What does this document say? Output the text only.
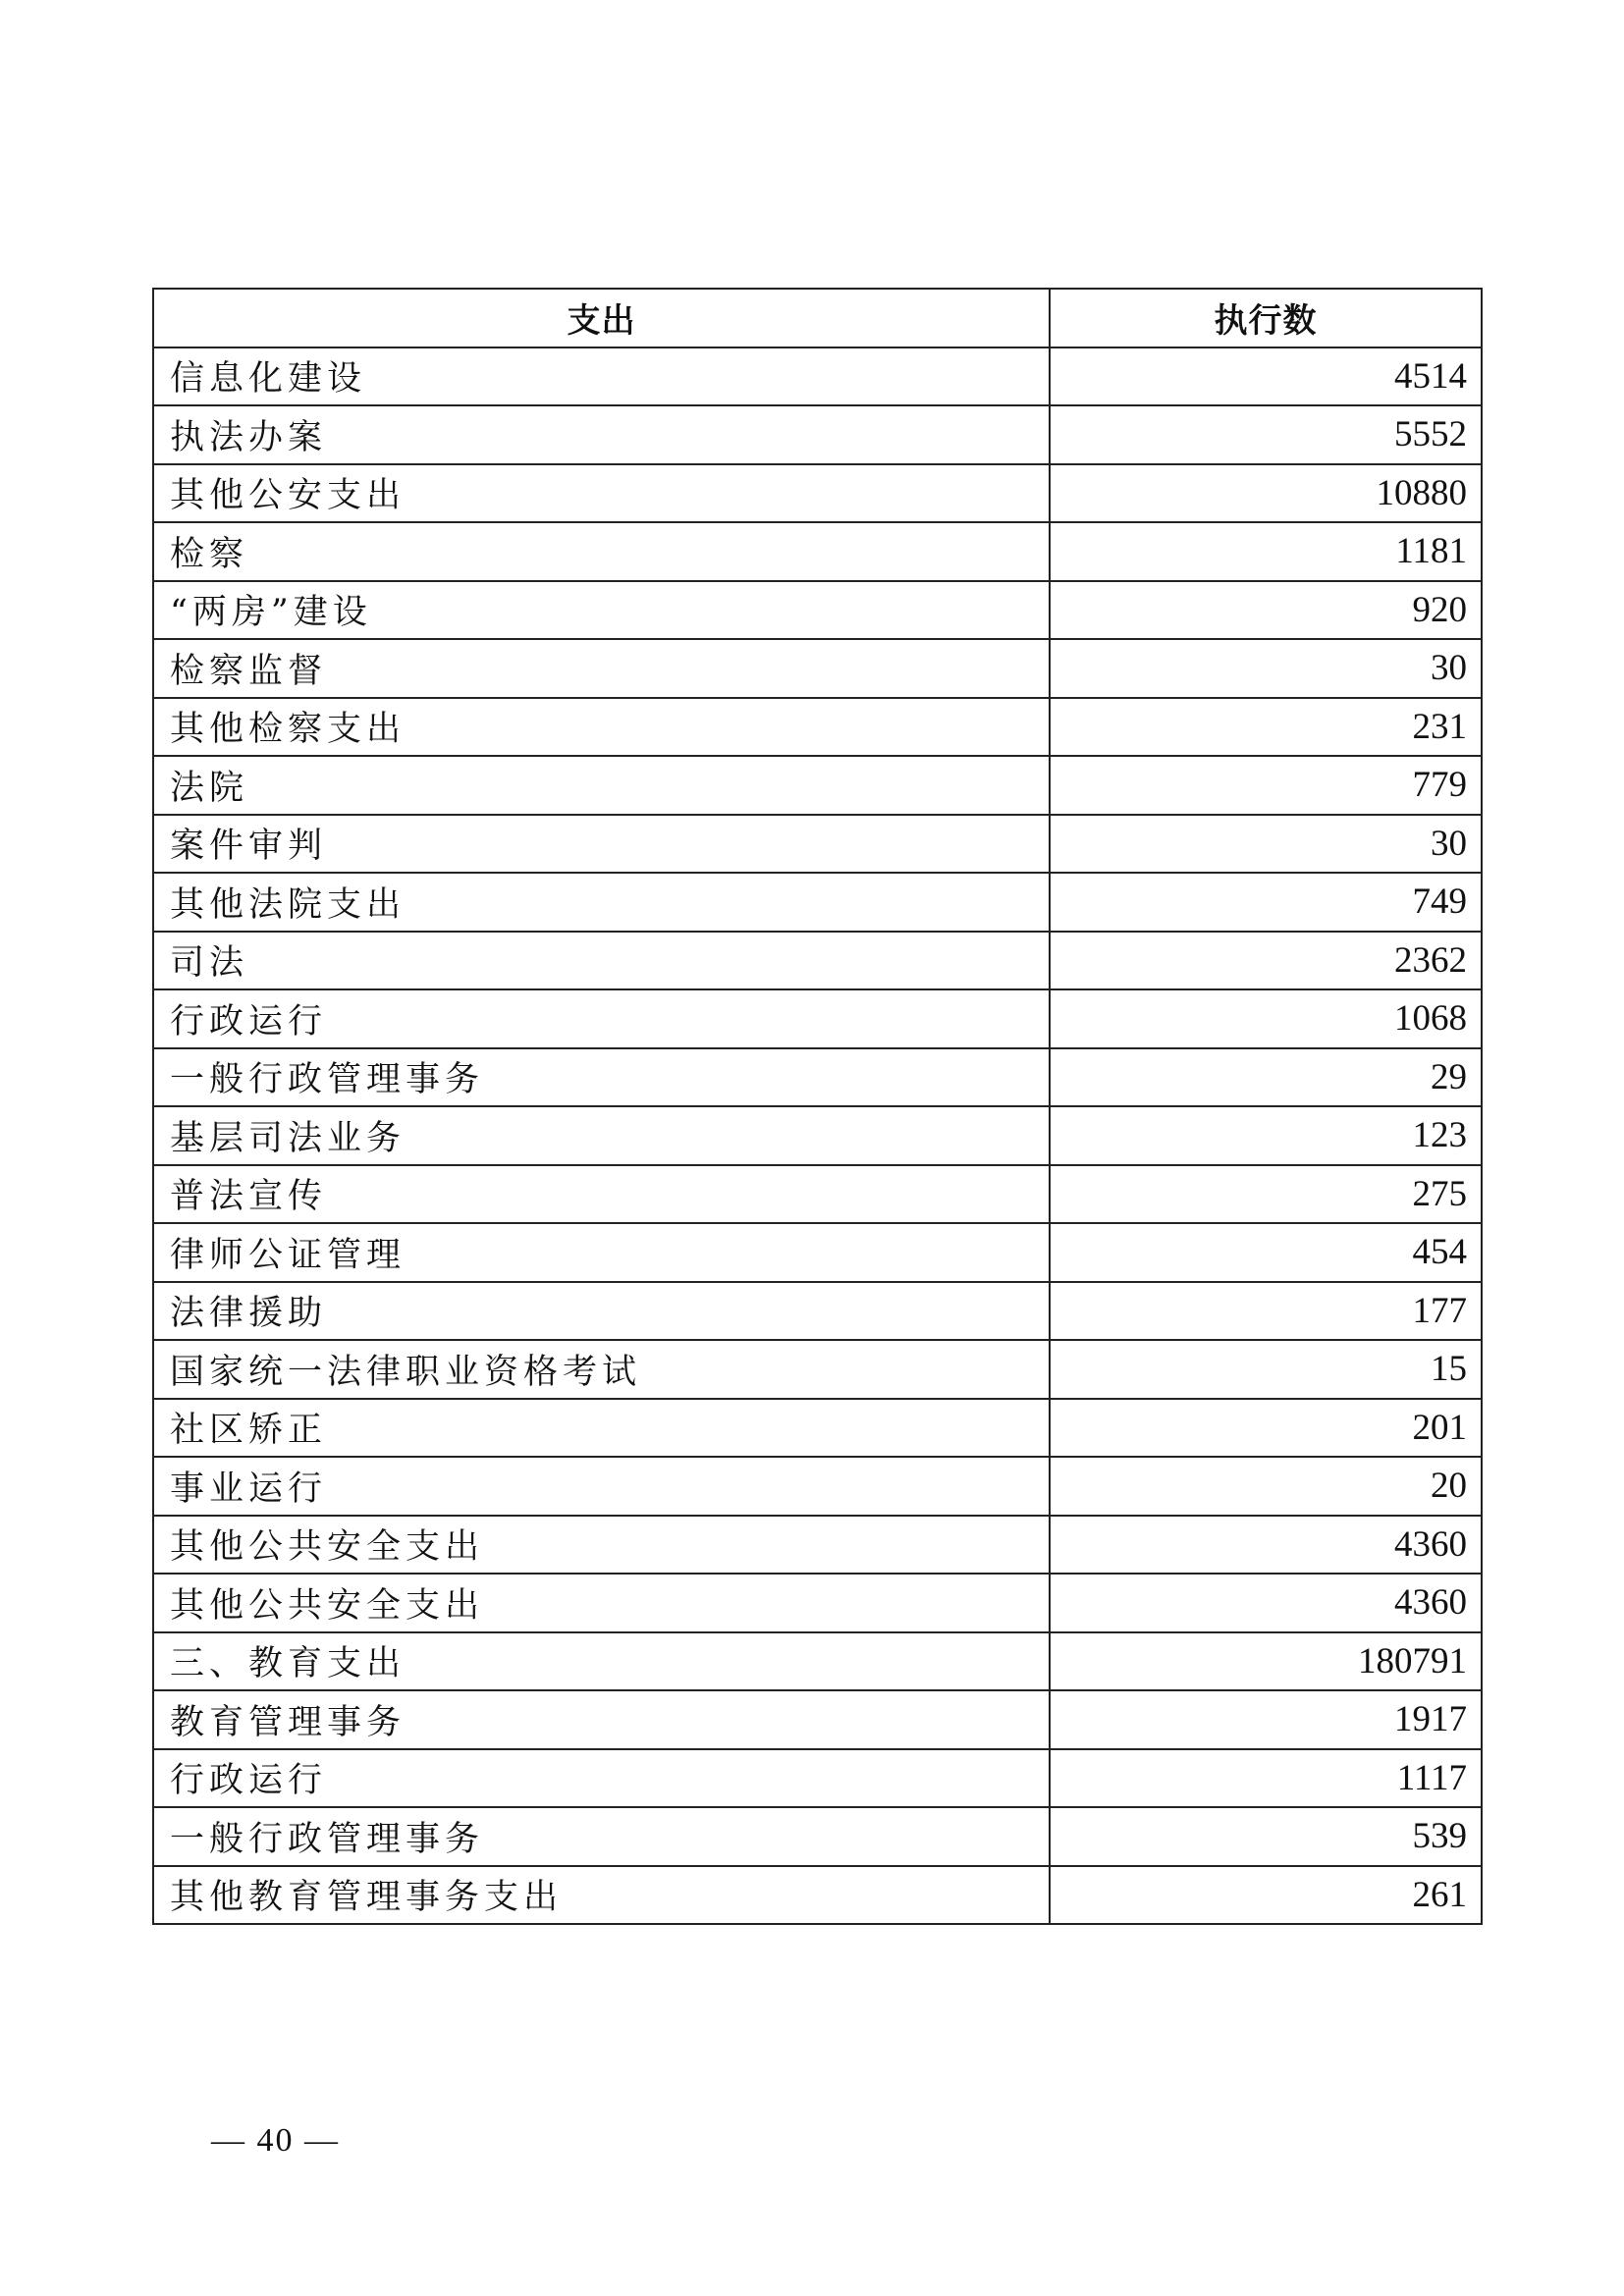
支出	执行数
信息化建设	4514
执法办案	5552
其他公安支出	10880
检察	1181
“两房”建设	920
检察监督	30
其他检察支出	231
法院	779
案件审判	30
其他法院支出	749
司法	2362
行政运行	1068
一般行政管理事务	29
基层司法业务	123
普法宣传	275
律师公证管理	454
法律援助	177
国家统一法律职业资格考试	15
社区矫正	201
事业运行	20
其他公共安全支出	4360
其他公共安全支出	4360
三、教育支出	180791
教育管理事务	1917
行政运行	1117
一般行政管理事务	539
其他教育管理事务支出	261
— 40 —
